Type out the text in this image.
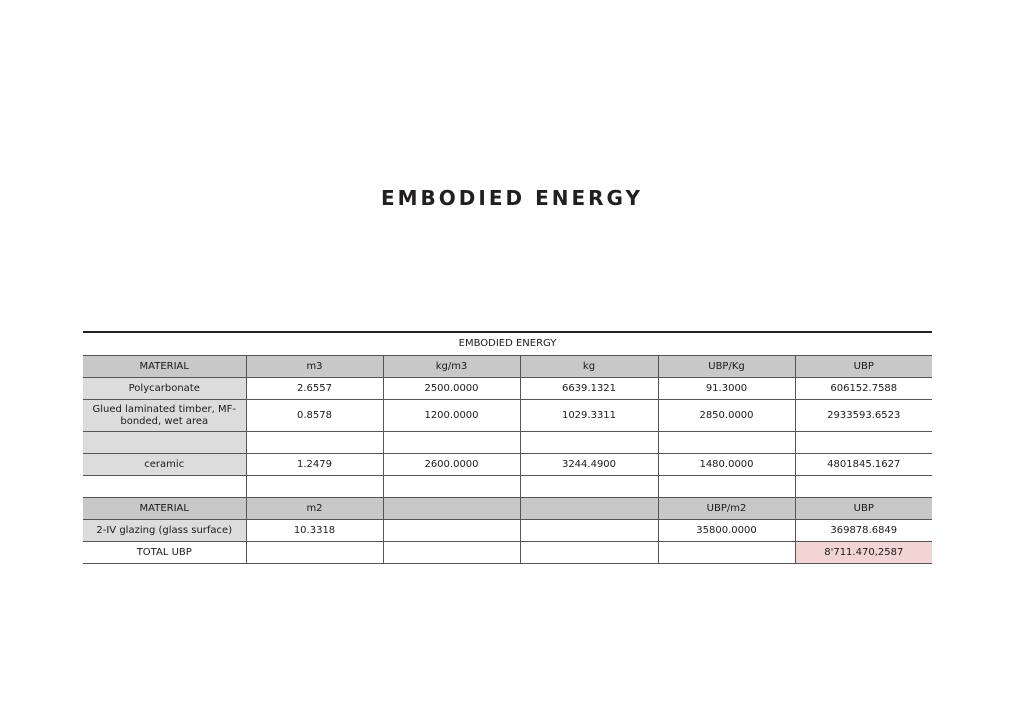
EMBODIED ENERGY
EMBODIED ENERGY					
MATERIAL	m3	kg/m3	kg	UBP/Kg	UBP
Polycarbonate	2.6557	2500.0000	6639.1321	91.3000	606152.7588
Glued laminated timber, MF-bonded, wet area	0.8578	1200.0000	1029.3311	2850.0000	2933593.6523

ceramic	1.2479	2600.0000	3244.4900	1480.0000	4801845.1627

MATERIAL	m2			UBP/m2	UBP
2-IV glazing (glass surface)	10.3318			35800.0000	369878.6849
TOTAL UBP					8'711.470,2587
